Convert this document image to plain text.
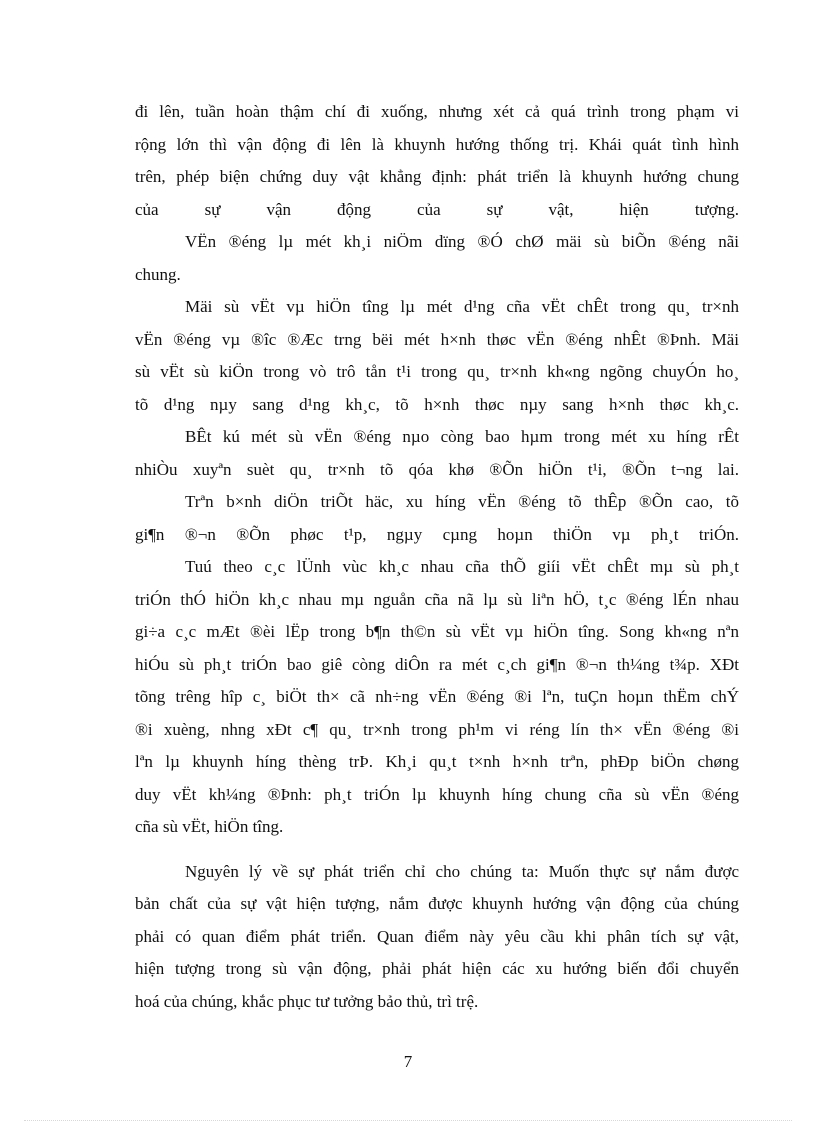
đi lên, tuần hoàn thậm chí đi xuống, nhưng xét cả quá trình trong phạm vi
rộng lớn thì vận động đi lên là khuynh hướng thống trị. Khái quát tình hình
trên, phép biện chứng duy vật khẳng định: phát triển là khuynh hướng chung
của sự vận động của sự vật, hiện tượng.
VËn ®éng lµ mét kh¸i niÖm dïng ®Ó chØ mäi sù biÕn ®éng nãi
chung.
Mäi sù vËt vµ hiÖn tîng lµ mét d¹ng cña vËt chÊt trong qu¸ tr×nh
vËn ®éng vµ ®îc ®Æc trng bëi mét h×nh thøc vËn ®éng nhÊt ®Þnh. Mäi
sù vËt sù kiÖn trong vò trô tån t¹i trong qu¸ tr×nh kh«ng ngõng chuyÓn ho¸
tõ d¹ng nµy sang d¹ng kh¸c, tõ h×nh thøc nµy sang h×nh thøc kh¸c.
BÊt kú mét sù vËn ®éng nµo còng bao hµm trong mét xu híng rÊt
nhiÒu xuyªn suèt qu¸ tr×nh tõ qóa khø ®Õn hiÖn t¹i, ®Õn t¬ng lai.
Trªn b×nh diÖn triÕt häc, xu híng vËn ®éng tõ thÊp ®Õn cao, tõ
gi¶n ®¬n ®Õn phøc t¹p, ngµy cµng hoµn thiÖn vµ ph¸t triÓn.
Tuú theo c¸c lÜnh vùc kh¸c nhau cña thÕ giíi vËt chÊt mµ sù ph¸t
triÓn thÓ hiÖn kh¸c nhau mµ nguån cña nã lµ sù liªn hÖ, t¸c ®éng lÉn nhau
gi÷a c¸c mÆt ®èi lËp trong b¶n th©n sù vËt vµ hiÖn tîng. Song kh«ng nªn
hiÓu sù ph¸t triÓn bao giê còng diÔn ra mét c¸ch gi¶n ®¬n th¼ng t¾p. XÐt
tõng trêng hîp c¸ biÖt th× cã nh÷ng vËn ®éng ®i lªn, tuÇn hoµn thËm chÝ
®i xuèng, nhng xÐt c¶ qu¸ tr×nh trong ph¹m vi réng lín th× vËn ®éng ®i
lªn lµ khuynh híng thèng trÞ. Kh¸i qu¸t t×nh h×nh trªn, phÐp biÖn chøng
duy vËt kh¼ng ®Þnh: ph¸t triÓn lµ khuynh híng chung cña sù vËn ®éng
cña sù vËt, hiÖn tîng.
Nguyên lý về sự phát triển chỉ cho chúng ta: Muốn thực sự nắm được
bản chất của sự vật hiện tượng, nắm được khuynh hướng vận động của chúng
phải có quan điểm phát triển. Quan điểm này yêu cầu khi phân tích sự vật,
hiện tượng trong sù vận động, phải phát hiện các xu hướng biến đổi chuyển
hoá của chúng, khắc phục tư tưởng bảo thủ, trì trệ.
7
